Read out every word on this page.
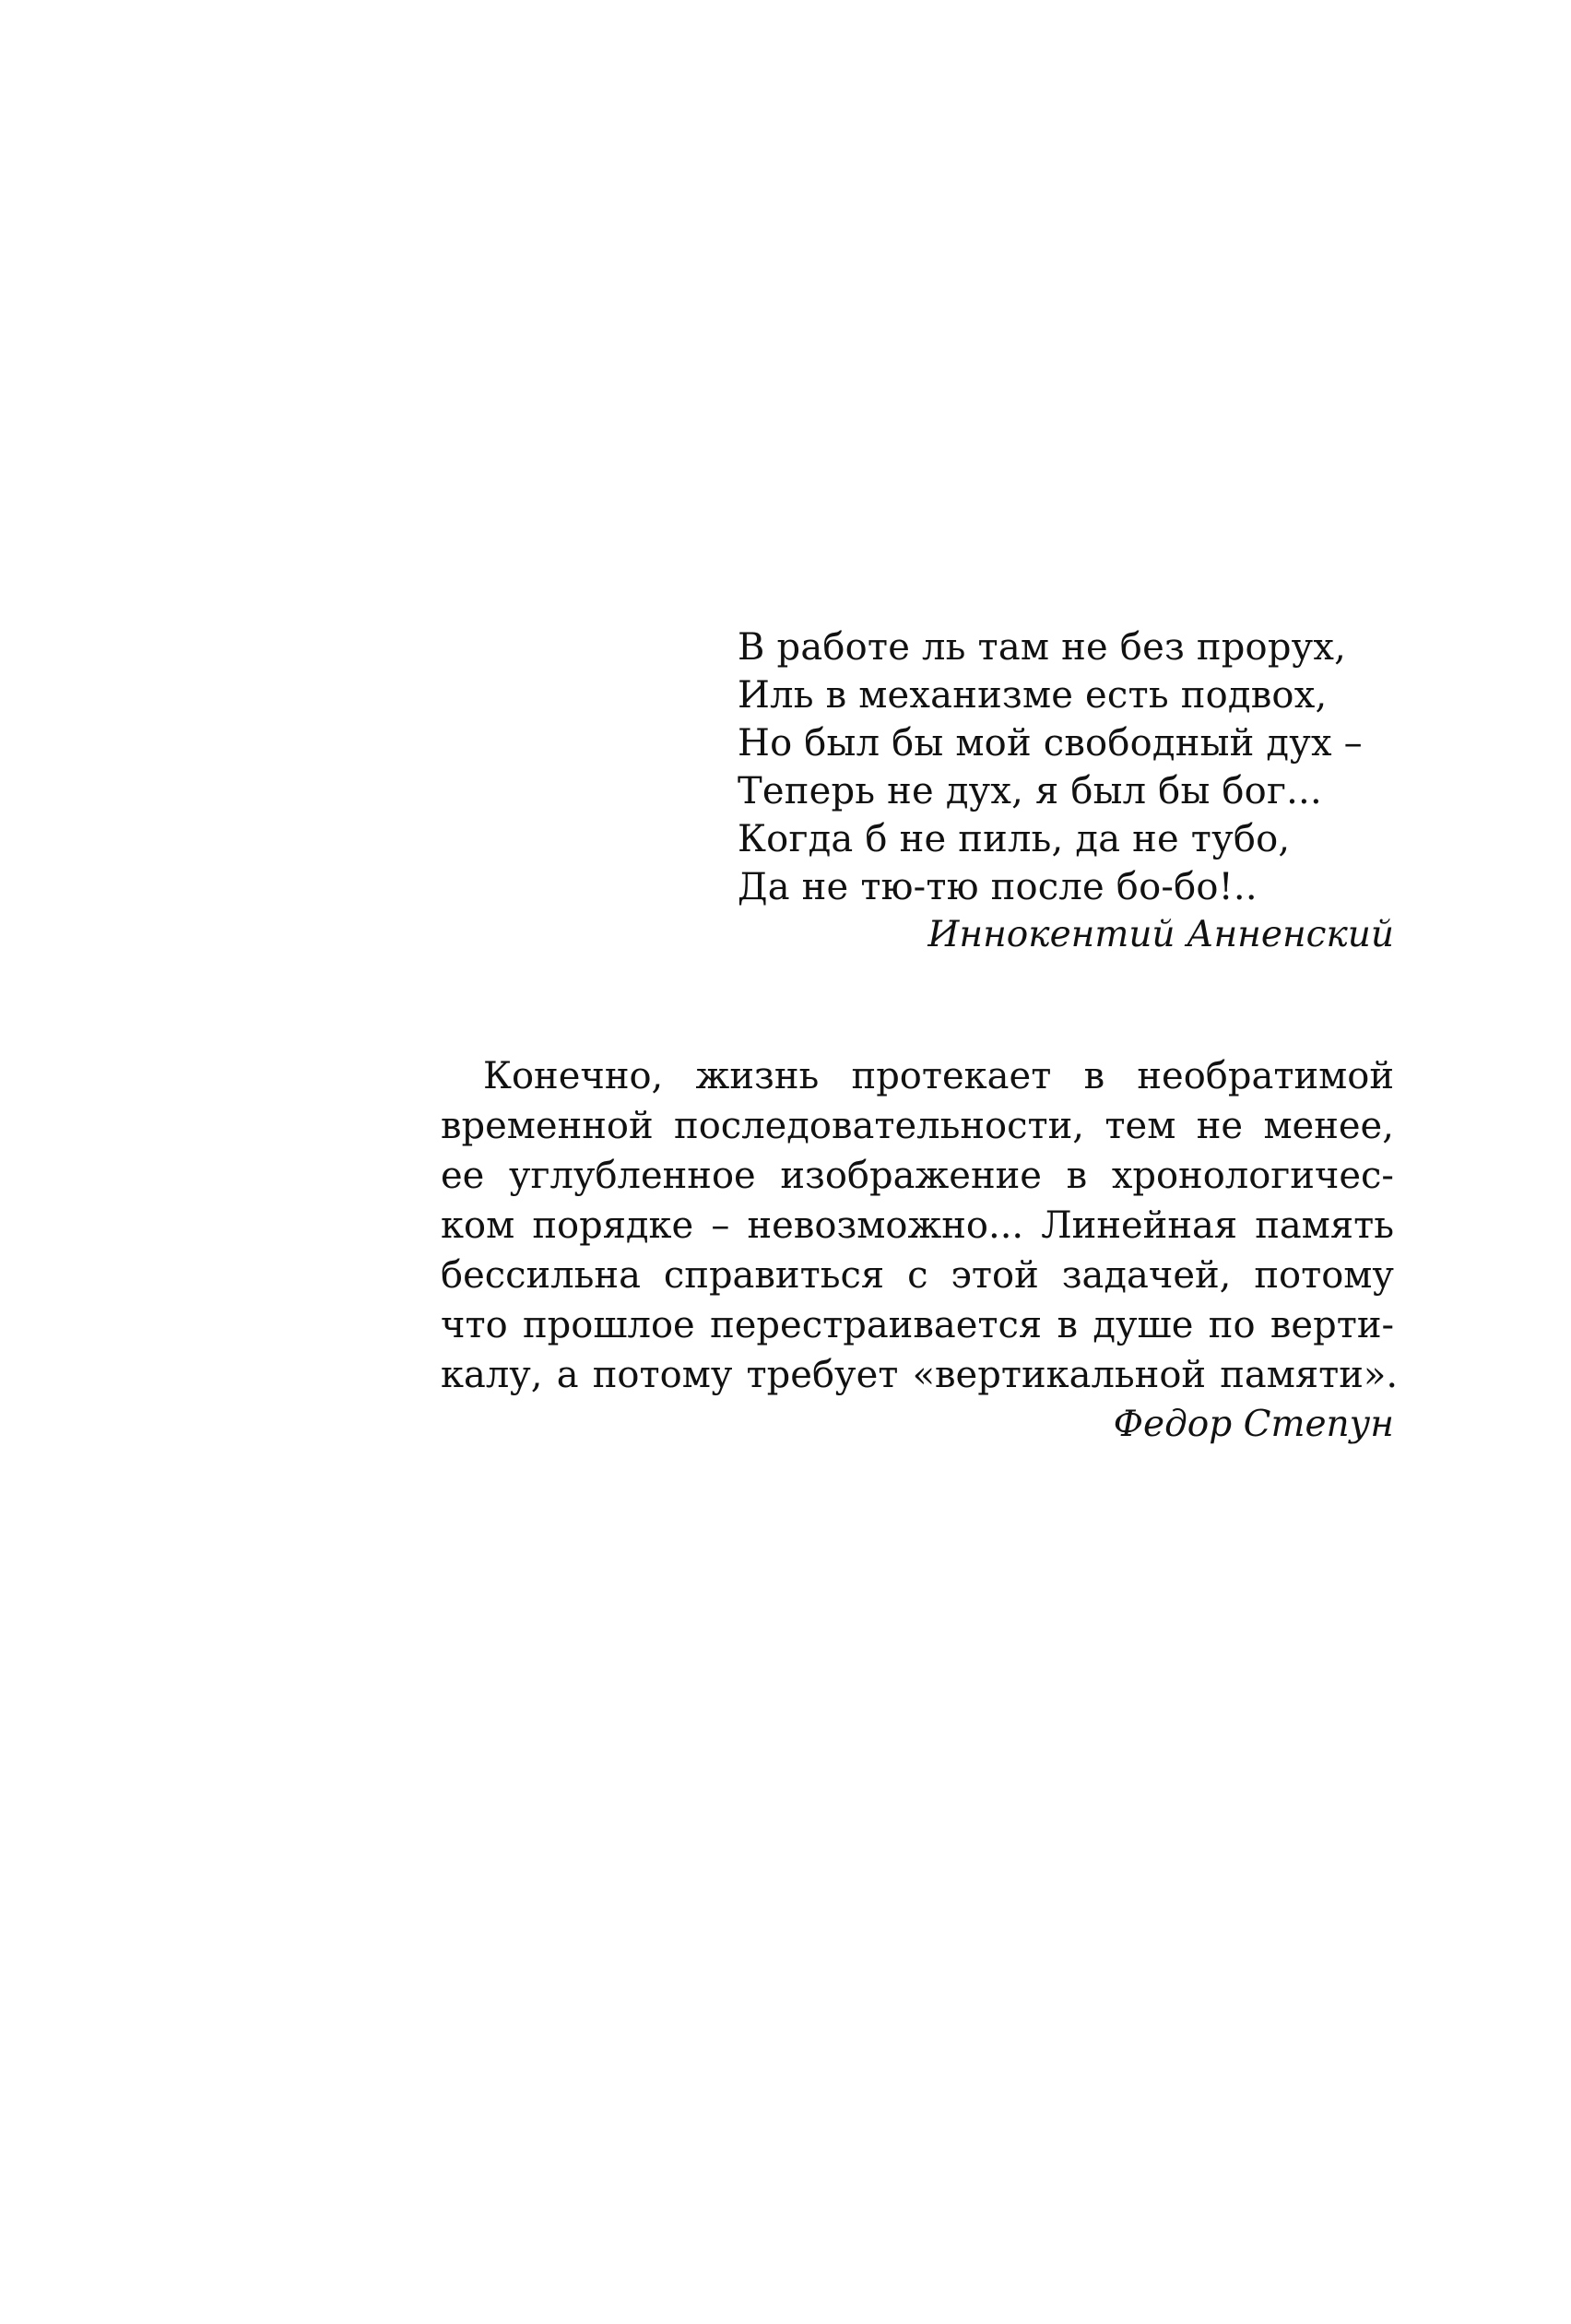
В работе ль там не без прорух,
Иль в механизме есть подвох,
Но был бы мой свободный дух –
Теперь не дух, я был бы бог...
Когда б не пиль, да не тубо,
Да не тю-тю после бо-бо!..
Иннокентий Анненский
Конечно, жизнь протекает в необратимой
временной последовательности, тем не менее,
ее углубленное изображение в хронологичес-
ком порядке – невозможно... Линейная память
бессильна справиться с этой задачей, потому
что прошлое перестраивается в душе по верти-
калу, а потому требует «вертикальной памяти».
Федор Степун
